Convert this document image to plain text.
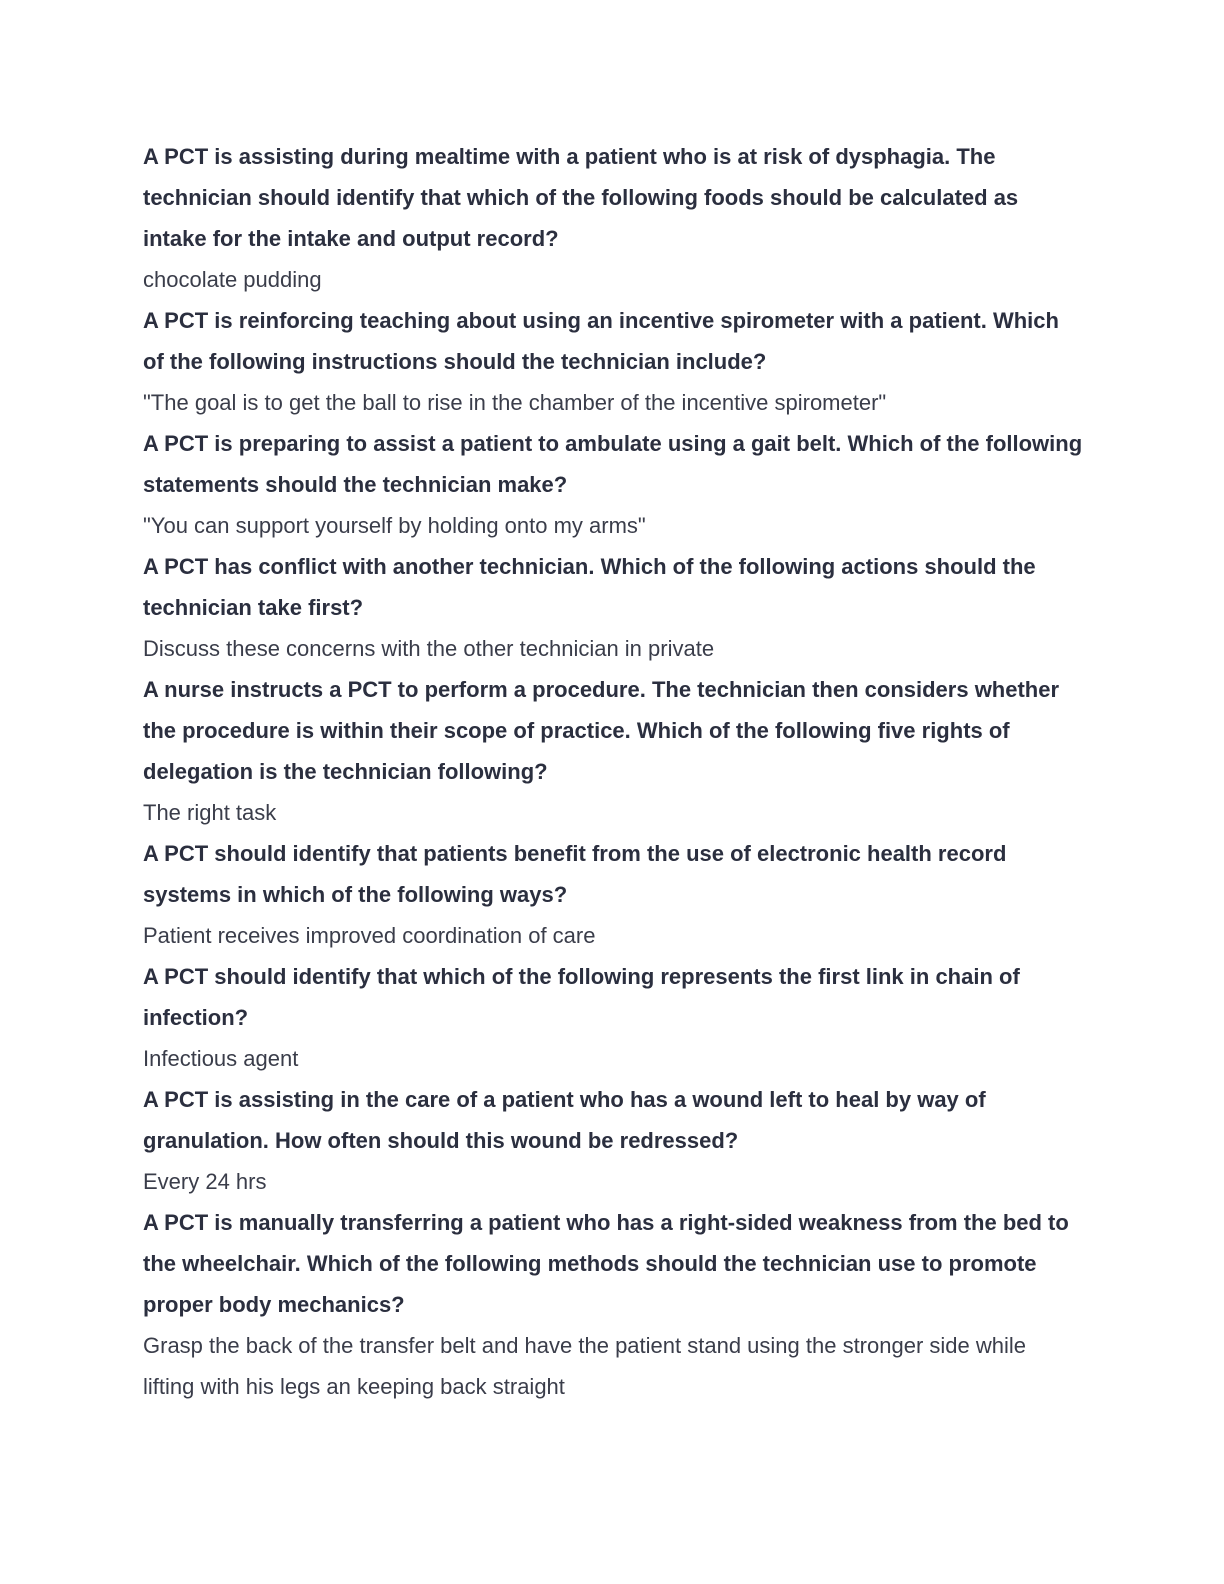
A PCT is assisting during mealtime with a patient who is at risk of dysphagia. The technician should identify that which of the following foods should be calculated as intake for the intake and output record?

chocolate pudding

A PCT is reinforcing teaching about using an incentive spirometer with a patient. Which of the following instructions should the technician include?

"The goal is to get the ball to rise in the chamber of the incentive spirometer"

A PCT is preparing to assist a patient to ambulate using a gait belt. Which of the following statements should the technician make?

"You can support yourself by holding onto my arms"

A PCT has conflict with another technician. Which of the following actions should the technician take first?

Discuss these concerns with the other technician in private

A nurse instructs a PCT to perform a procedure. The technician then considers whether the procedure is within their scope of practice. Which of the following five rights of delegation is the technician following?

The right task

A PCT should identify that patients benefit from the use of electronic health record systems in which of the following ways?

Patient receives improved coordination of care

A PCT should identify that which of the following represents the first link in chain of infection?

Infectious agent

A PCT is assisting in the care of a patient who has a wound left to heal by way of granulation. How often should this wound be redressed?

Every 24 hrs

A PCT is manually transferring a patient who has a right-sided weakness from the bed to the wheelchair. Which of the following methods should the technician use to promote proper body mechanics?

Grasp the back of the transfer belt and have the patient stand using the stronger side while lifting with his legs an keeping back straight
